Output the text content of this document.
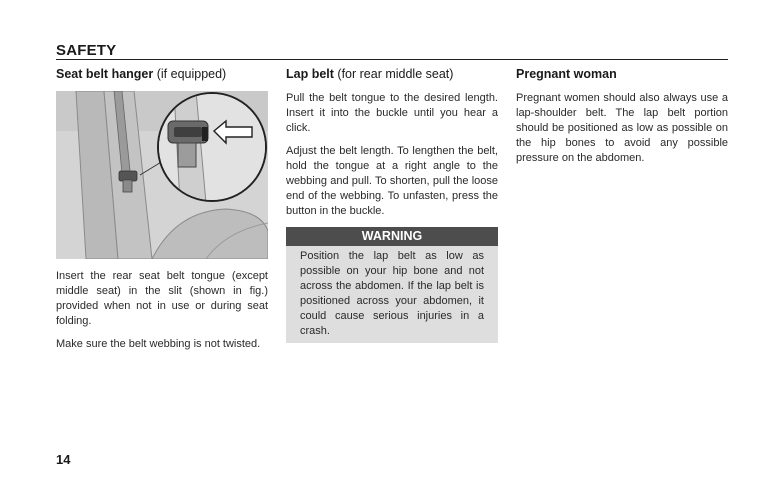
SAFETY
Seat belt hanger (if equipped)

Insert the rear seat belt tongue (except middle seat) in the slit (shown in fig.) provided when not in use or during seat folding.

Make sure the belt webbing is not twisted.

Lap belt (for rear middle seat)

Pull the belt tongue to the desired length. Insert it into the buckle until you hear a click.

Adjust the belt length. To lengthen the belt, hold the tongue at a right angle to the webbing and pull. To shorten, pull the loose end of the webbing. To unfasten, press the button in the buckle.

WARNING
Position the lap belt as low as possible on your hip bone and not across the abdomen. If the lap belt is positioned across your abdomen, it could cause serious injuries in a crash.
Pregnant woman

Pregnant women should also always use a lap-shoulder belt. The lap belt portion should be positioned as low as possible on the hip bones to avoid any possible pressure on the abdomen.

14
